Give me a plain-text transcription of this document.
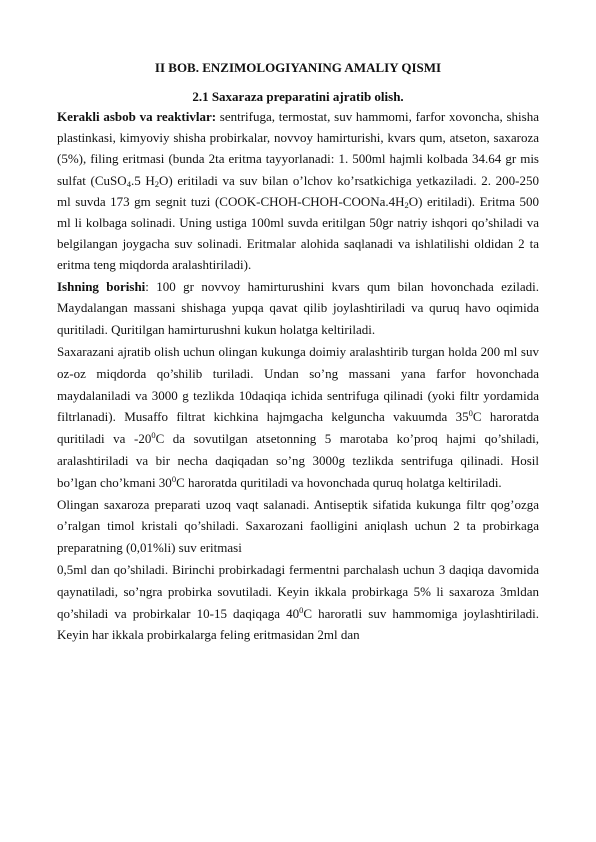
II BOB. ENZIMOLOGIYANING AMALIY QISMI
2.1 Saxaraza preparatini ajratib olish.

Kerakli asbob va reaktivlar: sentrifuga, termostat, suv hammomi, farfor xovoncha, shisha plastinkasi, kimyoviy shisha probirkalar, novvoy hamirturishi, kvars qum, atseton, saxaroza (5%), filing eritmasi (bunda 2ta eritma tayyorlanadi: 1. 500ml hajmli kolbada 34.64 gr mis sulfat (CuSO$_4$.5 $H_2O$) eritiladi va suv bilan o’lchov ko’rsatkichiga yetkaziladi. 2. 200-250 ml suvda 173 gm segnit tuzi $(COOK-CHOH-CHOH-COONa.4H_2O)$ eritiladi). Eritma 500 ml li kolbaga solinadi. Uning ustiga 100ml suvda eritilgan 50gr natriy ishqori qo’shiladi va belgilangan joygacha suv solinadi. Eritmalar alohida saqlanadi va ishlatilishi oldidan 2 ta eritma teng miqdorda aralashtiriladi).

Ishning borishi: 100 gr novvoy hamirturushini kvars qum bilan hovonchada eziladi. Maydalangan massani shishaga yupqa qavat qilib joylashtiriladi va quruq havo oqimida quritiladi. Quritilgan hamirturushni kukun holatga keltiriladi.

Saxarazani ajratib olish uchun olingan kukunga doimiy aralashtirib turgan holda 200 ml suv oz-oz miqdorda qo’shilib turiladi. Undan so’ng massani yana farfor hovonchada maydalaniladi va 3000 g tezlikda 10daqiqa ichida sentrifuga qilinadi (yoki filtr yordamida filtrlanadi). Musaffo filtrat kichkina hajmgacha kelguncha vakuumda $35^0C$ haroratda quritiladi va $-20^0C$ da sovutilgan atsetonning 5 marotaba ko’proq hajmi qo’shiladi, aralashtiriladi va bir necha daqiqadan so’ng 3000g tezlikda sentrifuga qilinadi. Hosil bo’lgan cho’kmani $30^0C$ haroratda quritiladi va hovonchada quruq holatga keltiriladi.

Olingan saxaroza preparati uzoq vaqt salanadi. Antiseptik sifatida kukunga filtr qog’ozga o’ralgan timol kristali qo’shiladi. Saxarozani faolligini aniqlash uchun 2 ta probirkaga preparatning (0,01%li) suv eritmasi

0,5ml dan qo’shiladi. Birinchi probirkadagi fermentni parchalash uchun 3 daqiqa davomida qaynatiladi, so’ngra probirka sovutiladi. Keyin ikkala probirkaga 5% li saxaroza 3mldan qo’shiladi va probirkalar 10-15 daqiqaga $40^0C$ haroratli suv hammomiga joylashtiriladi. Keyin har ikkala probirkalarga feling eritmasidan 2ml dan
